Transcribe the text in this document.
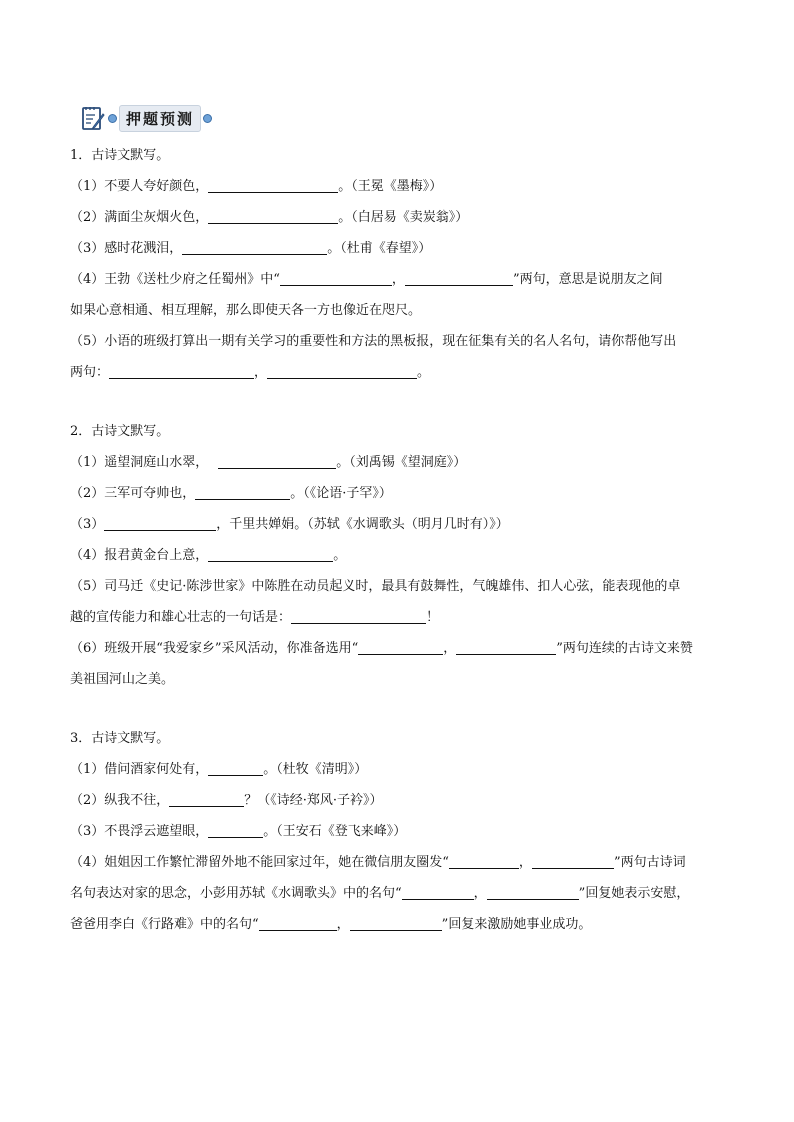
押题预测

1．古诗文默写。

（1）不要人夸好颜色，	。（王冕《墨梅》）

（2）满面尘灰烟火色，	。（白居易《卖炭翁》）

（3）感时花溅泪，	。（杜甫《春望》）

（4）王勃《送杜少府之任蜀州》中“	，	”两句，意思是说朋友之间

如果心意相通、相互理解，那么即使天各一方也像近在咫尺。

（5）小语的班级打算出一期有关学习的重要性和方法的黑板报，现在征集有关的名人名句，请你帮他写出

两句：	，	。

2．古诗文默写。

（1）遥望洞庭山水翠，	。（刘禹锡《望洞庭》）

（2）三军可夺帅也，	。（《论语·子罕》）

（3）	，千里共婵娟。（苏轼《水调歌头（明月几时有）》）

（4）报君黄金台上意，	。

（5）司马迁《史记·陈涉世家》中陈胜在动员起义时，最具有鼓舞性，气魄雄伟、扣人心弦，能表现他的卓

越的宣传能力和雄心壮志的一句话是：	！

（6）班级开展“我爱家乡”采风活动，你准备选用“	，	”两句连续的古诗文来赞

美祖国河山之美。

3．古诗文默写。

（1）借问酒家何处有，	。（杜牧《清明》）

（2）纵我不往，	？（《诗经·郑风·子衿》）

（3）不畏浮云遮望眼，	。（王安石《登飞来峰》）

（4）姐姐因工作繁忙滞留外地不能回家过年，她在微信朋友圈发“	，	”两句古诗词

名句表达对家的思念，小彭用苏轼《水调歌头》中的名句“	，	”回复她表示安慰，

爸爸用李白《行路难》中的名句“	，	”回复来激励她事业成功。
